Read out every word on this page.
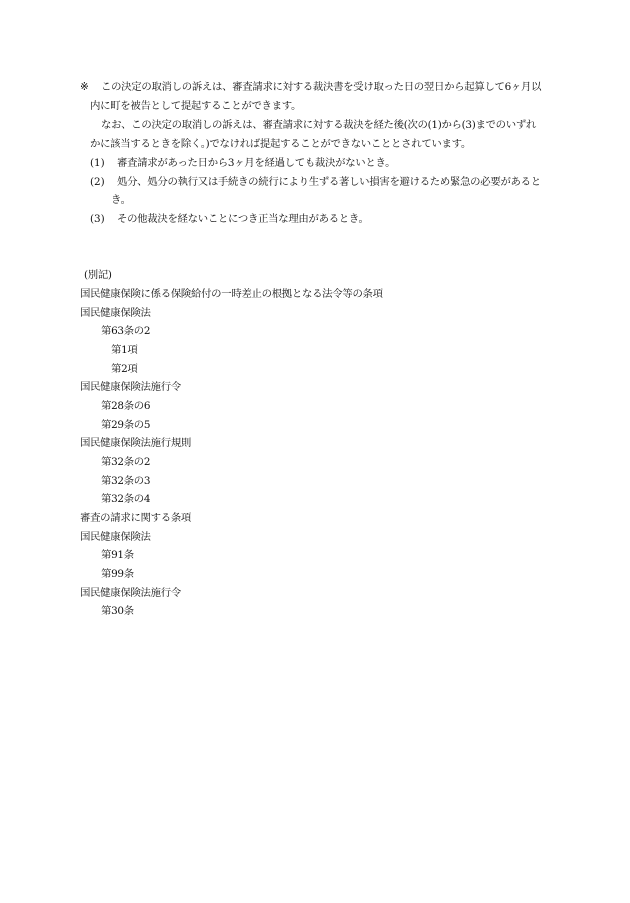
※ この決定の取消しの訴えは、審査請求に対する裁決書を受け取った日の翌日から起算して6ヶ月以
内に町を被告として提起することができます。
なお、この決定の取消しの訴えは、審査請求に対する裁決を経た後(次の(1)から(3)までのいずれ
かに該当するときを除く。)でなければ提起することができないこととされています。
(1) 審査請求があった日から3ヶ月を経過しても裁決がないとき。
(2) 処分、処分の執行又は手続きの続行により生ずる著しい損害を避けるため緊急の必要があると
き。
(3) その他裁決を経ないことにつき正当な理由があるとき。
(別記)
国民健康保険に係る保険給付の一時差止の根拠となる法令等の条項
国民健康保険法
第63条の2
第1項
第2項
国民健康保険法施行令
第28条の6
第29条の5
国民健康保険法施行規則
第32条の2
第32条の3
第32条の4
審査の請求に関する条項
国民健康保険法
第91条
第99条
国民健康保険法施行令
第30条
